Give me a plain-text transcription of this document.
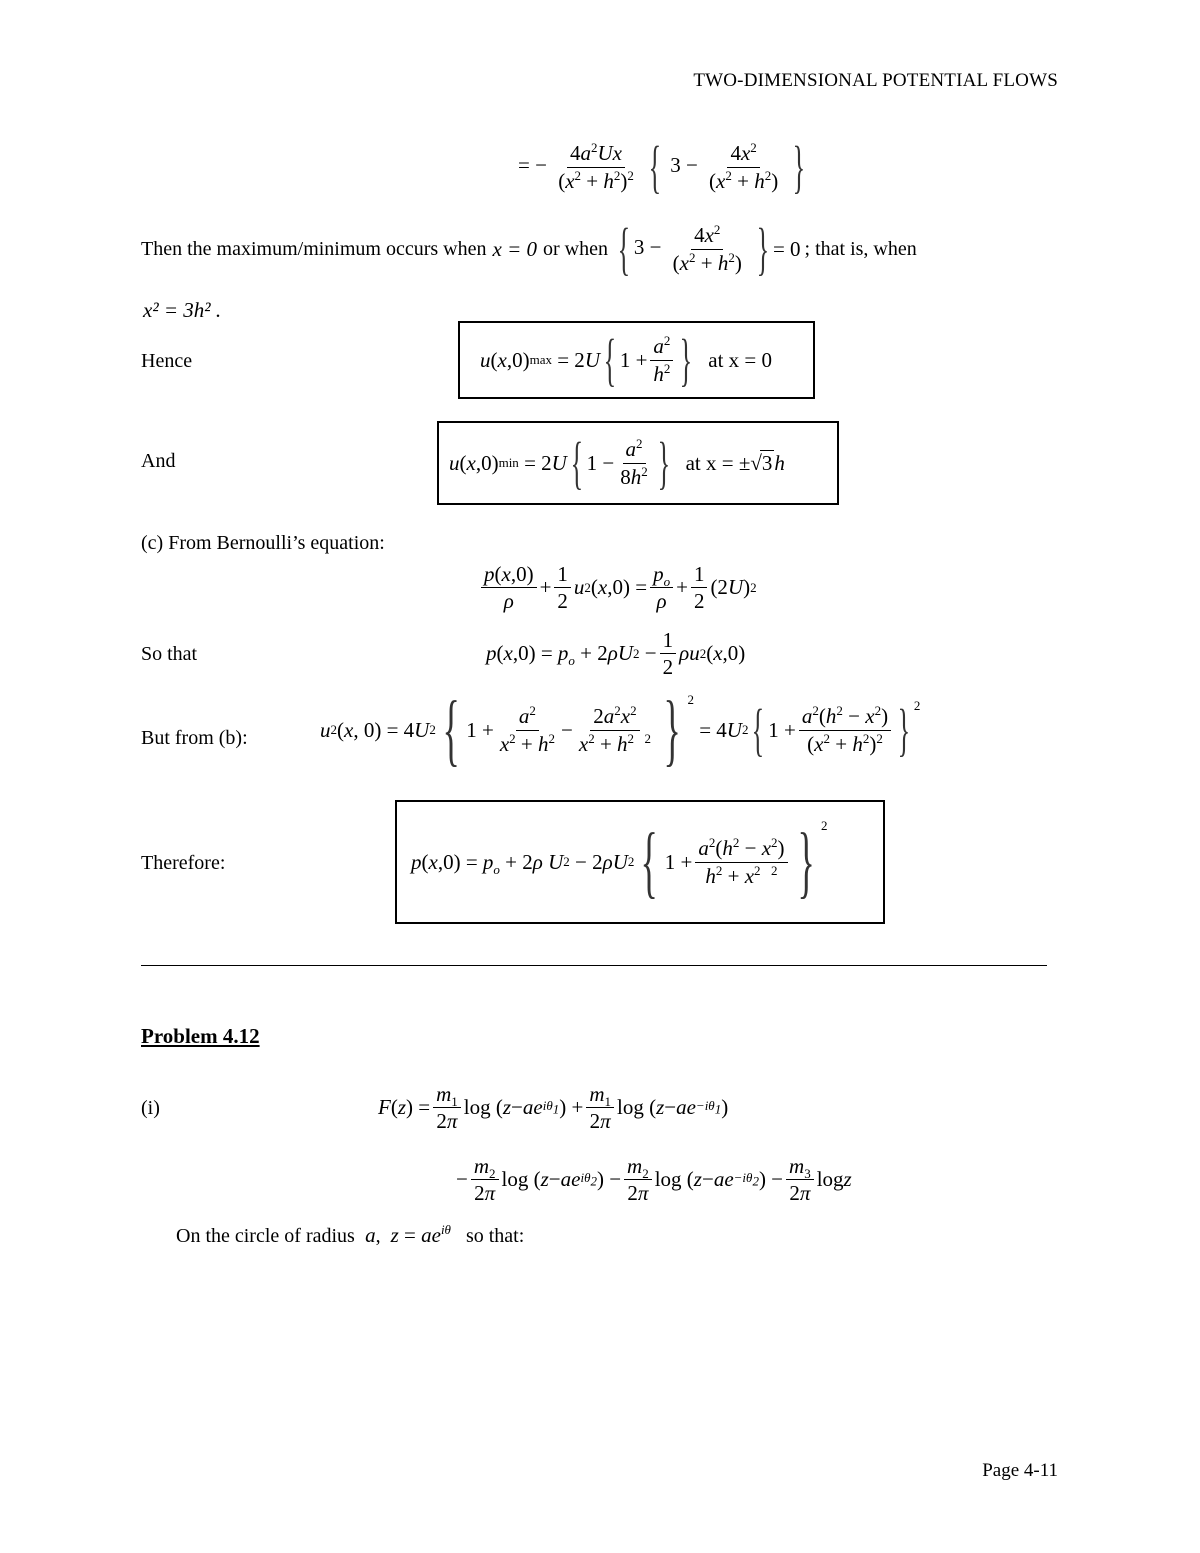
TWO-DIMENSIONAL POTENTIAL FLOWS
= − $\frac{4a^2Ux}{(x^2 + h^2)^2}$ { $3 - \frac{4x^2}{(x^2 + h^2)}$ }
Then the maximum/minimum occurs when x = 0 or when { $3 - \frac{4x^2}{(x^2 + h^2)}$ } = 0 ; that is, when
x² = 3h² .
Hence	u ( x ,0) max = 2 U { $1 + \frac{a^2}{h^2}$ } at x = 0
And	u ( x ,0) min = 2 U { $1 - \frac{a^2}{8h^2}$ } at x = ± √3h
(c) From Bernoulli’s equation:
$\frac{p(x,0)}{\rho} + \frac{1}{2}$ u 2 ( x $,0) = \frac{p_o}{\rho} + \frac{1}{2} (2$ U ) 2
So that	p ( x $,0) = p_o + 2$ ρU $2 - \frac{1}{2}$ ρu 2 ( x ,0)
But from (b):	u 2 ( x , 0) = 4 U 2 { $1 + \frac{a^2}{x^2 + h^2} - \frac{2a^2x^2}{x^2 + h^2 ^2}$ } $^2$
= 4 U 2 { $1 + \frac{a^2(h^2 - x^2)}{(x^2 + h^2)^2}$ } $^2$
Therefore:	p ( x $,0) = p_o + 2$ ρ U 2 − 2 ρU 2 { $1 + \frac{a^2(h^2 - x^2)}{h^2 + x^2 ^2}$ } $^2$
Problem 4.12
(i)	F ( z ) = $\frac{m_1}{2\pi}$ log ( z − ae $i\theta_1$ ) + $\frac{m_1}{2\pi}$ log ( z − ae $-i\theta_1$ )
− $\frac{m_2}{2\pi}$ log ( z − ae $i\theta_2$ ) − $\frac{m_2}{2\pi}$ log ( z − ae $-i\theta_2$ ) − $\frac{m_3}{2\pi}$ log z
On the circle of radius  a,  $z = ae^{i\theta}$ so that:
Page 4-11
